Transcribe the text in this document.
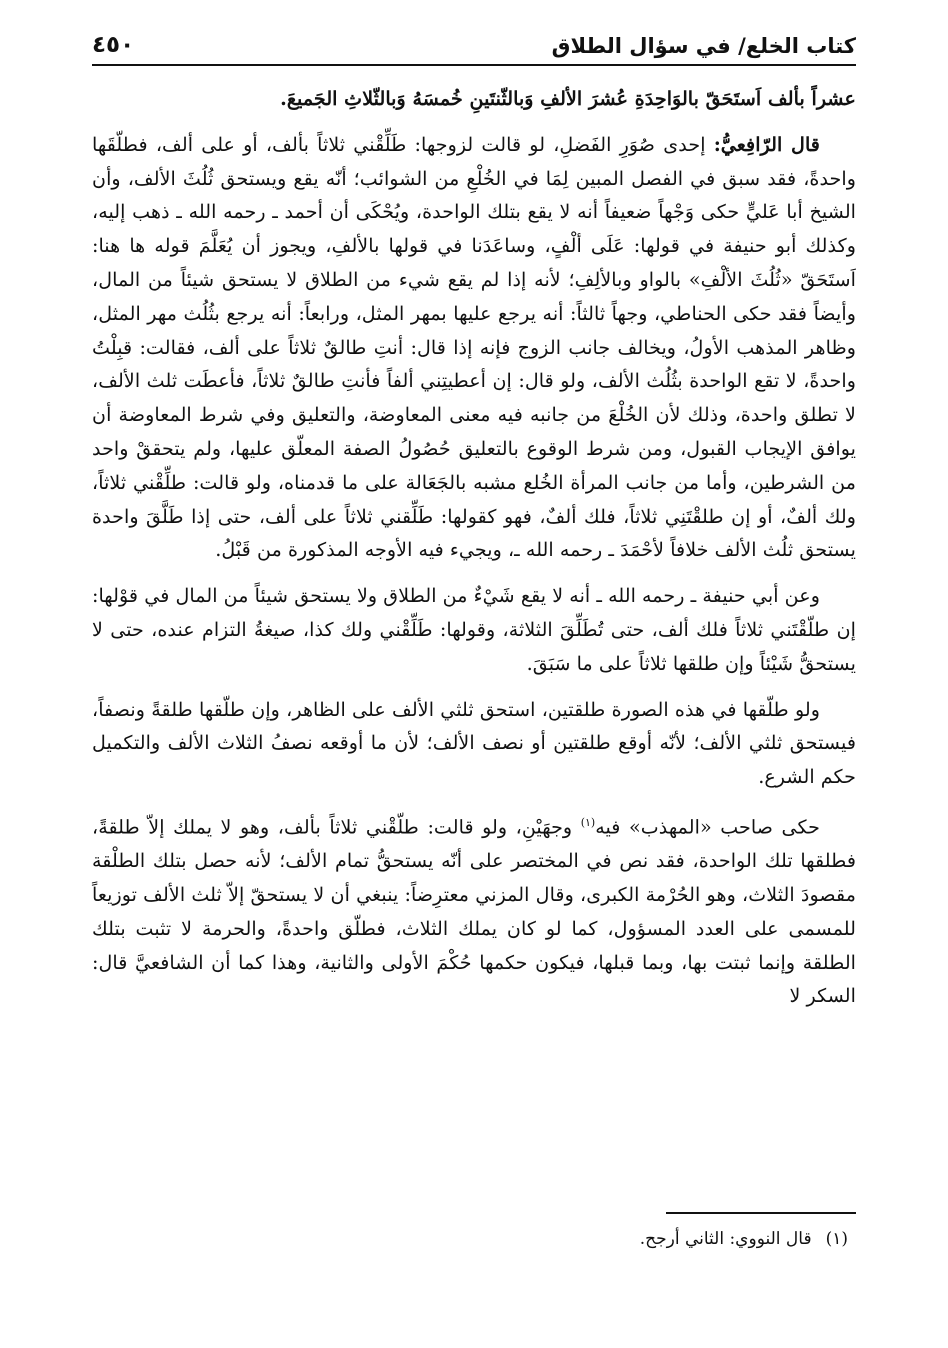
كتاب الخلع/ في سؤال الطلاق
٤٥٠

عشراً بألف اَستَحَقّ بالوَاحِدَةِ عُشرَ الألفِ وَبالثّنتَينِ خُمسَهُ وَبالثّلاثِ الجَميعَ.

قال الرّافِعيُّ: إحدى صُوَرِ الفَضلِ، لو قالت لزوجها: طَلِّقْني ثلاثاً بألف، أو على ألف، فطلّقَها واحدةً، فقد سبق في الفصل المبين لِمَا في الخُلْعِ من الشوائب؛ أنّه يقع ويستحق ثُلُثَ الألف، وأن الشيخ أبا عَليٍّ حكى وَجْهاً ضعيفاً أنه لا يقع بتلك الواحدة، ويُحْكَى أن أحمد ـ رحمه الله ـ ذهب إليه، وكذلك أبو حنيفة في قولها: عَلَى ألْفٍ، وساعَدَنا في قولها بالألفِ، ويجوز أن يُعَلَّمَ قوله ها هنا: اَستَحَقّ «ثُلُثَ الألْفِ» بالواو وبالألِفِ؛ لأنه إذا لم يقع شيء من الطلاق لا يستحق شيئاً من المال، وأيضاً فقد حكى الحناطي، وجهاً ثالثاً: أنه يرجع عليها بمهر المثل، ورابعاً: أنه يرجع بثُلُث مهر المثل، وظاهر المذهب الأولُ، ويخالف جانب الزوج فإنه إذا قال: أنتِ طالقٌ ثلاثاً على ألف، فقالت: قبِلْتُ واحدةً، لا تقع الواحدة بثُلُث الألف، ولو قال: إن أعطيتِني ألفاً فأنتِ طالقٌ ثلاثاً، فأعطَت ثلث الألف، لا تطلق واحدة، وذلك لأن الخُلْعَ من جانبه فيه معنى المعاوضة، والتعليق وفي شرط المعاوضة أن يوافق الإيجاب القبول، ومن شرط الوقوع بالتعليق حُصُولُ الصفة المعلّق عليها، ولم يتحققْ واحد من الشرطين، وأما من جانب المرأة الخُلع مشبه بالجَعَالة على ما قدمناه، ولو قالت: طلِّقْني ثلاثاً، ولك ألفٌ، أو إن طلقْتَنِي ثلاثاً، فلك ألفٌ، فهو كقولها: طَلِّقني ثلاثاً على ألف، حتى إذا طَلَّقَ واحدة يستحق ثلُث الألف خلافاً لأحْمَدَ ـ رحمه الله ـ، ويجيء فيه الأوجه المذكورة من قَبْلُ.

وعن أبي حنيفة ـ رحمه الله ـ أنه لا يقع شَيْءٌ من الطلاق ولا يستحق شيئاً من المال في قوْلها: إن طلّقْتَني ثلاثاً فلك ألف، حتى تُطَلِّقَ الثلاثة، وقولها: طَلِّقْني ولك كذا، صيغةُ التزام عنده، حتى لا يستحقُّ شَيْئاً وإن طلقها ثلاثاً على ما سَبَقَ.

ولو طلّقها في هذه الصورة طلقتين، استحق ثلثي الألف على الظاهر، وإن طلّقها طلقةً ونصفاً، فيستحق ثلثي الألف؛ لأنّه أوقع طلقتين أو نصف الألف؛ لأن ما أوقعه نصفُ الثلاث الألف والتكميل حكم الشرع.

حكى صاحب «المهذب» فيه$^{(١)}$ وجهَيْنِ، ولو قالت: طلّقْني ثلاثاً بألف، وهو لا يملك إلاّ طلقةً، فطلقها تلك الواحدة، فقد نص في المختصر على أنّه يستحقُّ تمام الألف؛ لأنه حصل بتلك الطلْقة مقصودَ الثلاث، وهو الحُرْمة الكبرى، وقال المزني معترِضاً: ينبغي أن لا يستحقّ إلاّ ثلث الألف توزيعاً للمسمى على العدد المسؤول، كما لو كان يملك الثلاث، فطلّق واحدةً، والحرمة لا تثبت بتلك الطلقة وإنما ثبتت بها، وبما قبلها، فيكون حكمها حُكْمَ الأولى والثانية، وهذا كما أن الشافعيَّ قال: السكر لا

(١)قال النووي: الثاني أرجح.
